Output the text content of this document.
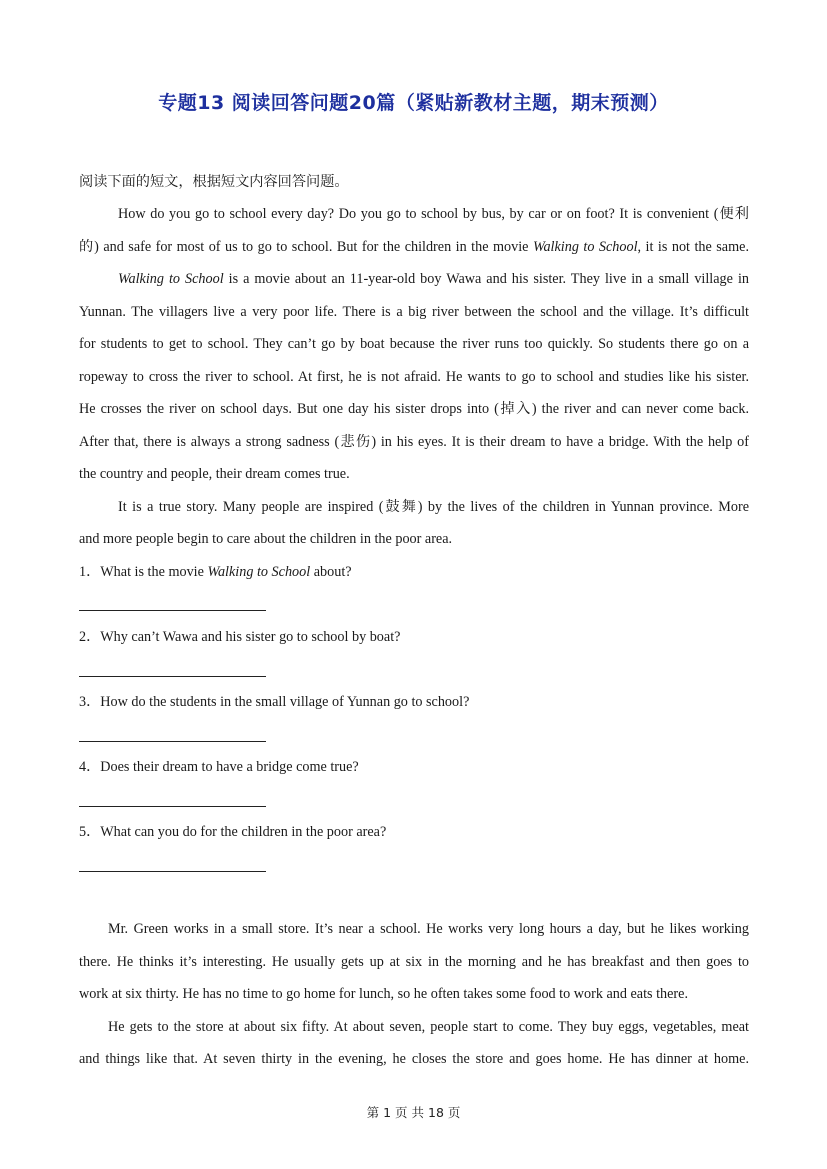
专题13 阅读回答问题20篇（紧贴新教材主题，期末预测）
阅读下面的短文，根据短文内容回答问题。
How do you go to school every day? Do you go to school by bus, by car or on foot? It is convenient (便利
的) and safe for most of us to go to school. But for the children in the movie Walking to School, it is not the same.
Walking to School is a movie about an 11-year-old boy Wawa and his sister. They live in a small village in
Yunnan. The villagers live a very poor life. There is a big river between the school and the village. It’s difficult
for students to get to school. They can’t go by boat because the river runs too quickly. So students there go on a
ropeway to cross the river to school. At first, he is not afraid. He wants to go to school and studies like his sister.
He crosses the river on school days. But one day his sister drops into (掉入) the river and can never come back.
After that, there is always a strong sadness (悲伤) in his eyes. It is their dream to have a bridge. With the help of
the country and people, their dream comes true.
It is a true story. Many people are inspired (鼓舞) by the lives of the children in Yunnan province. More
and more people begin to care about the children in the poor area.
1．What is the movie Walking to School about?
2．Why can’t Wawa and his sister go to school by boat?
3．How do the students in the small village of Yunnan go to school?
4．Does their dream to have a bridge come true?
5．What can you do for the children in the poor area?
Mr. Green works in a small store. It’s near a school. He works very long hours a day, but he likes working
there. He thinks it’s interesting. He usually gets up at six in the morning and he has breakfast and then goes to
work at six thirty. He has no time to go home for lunch, so he often takes some food to work and eats there.
He gets to the store at about six fifty. At about seven, people start to come. They buy eggs, vegetables, meat
and things like that. At seven thirty in the evening, he closes the store and goes home. He has dinner at home.
第 1 页 共 18 页
